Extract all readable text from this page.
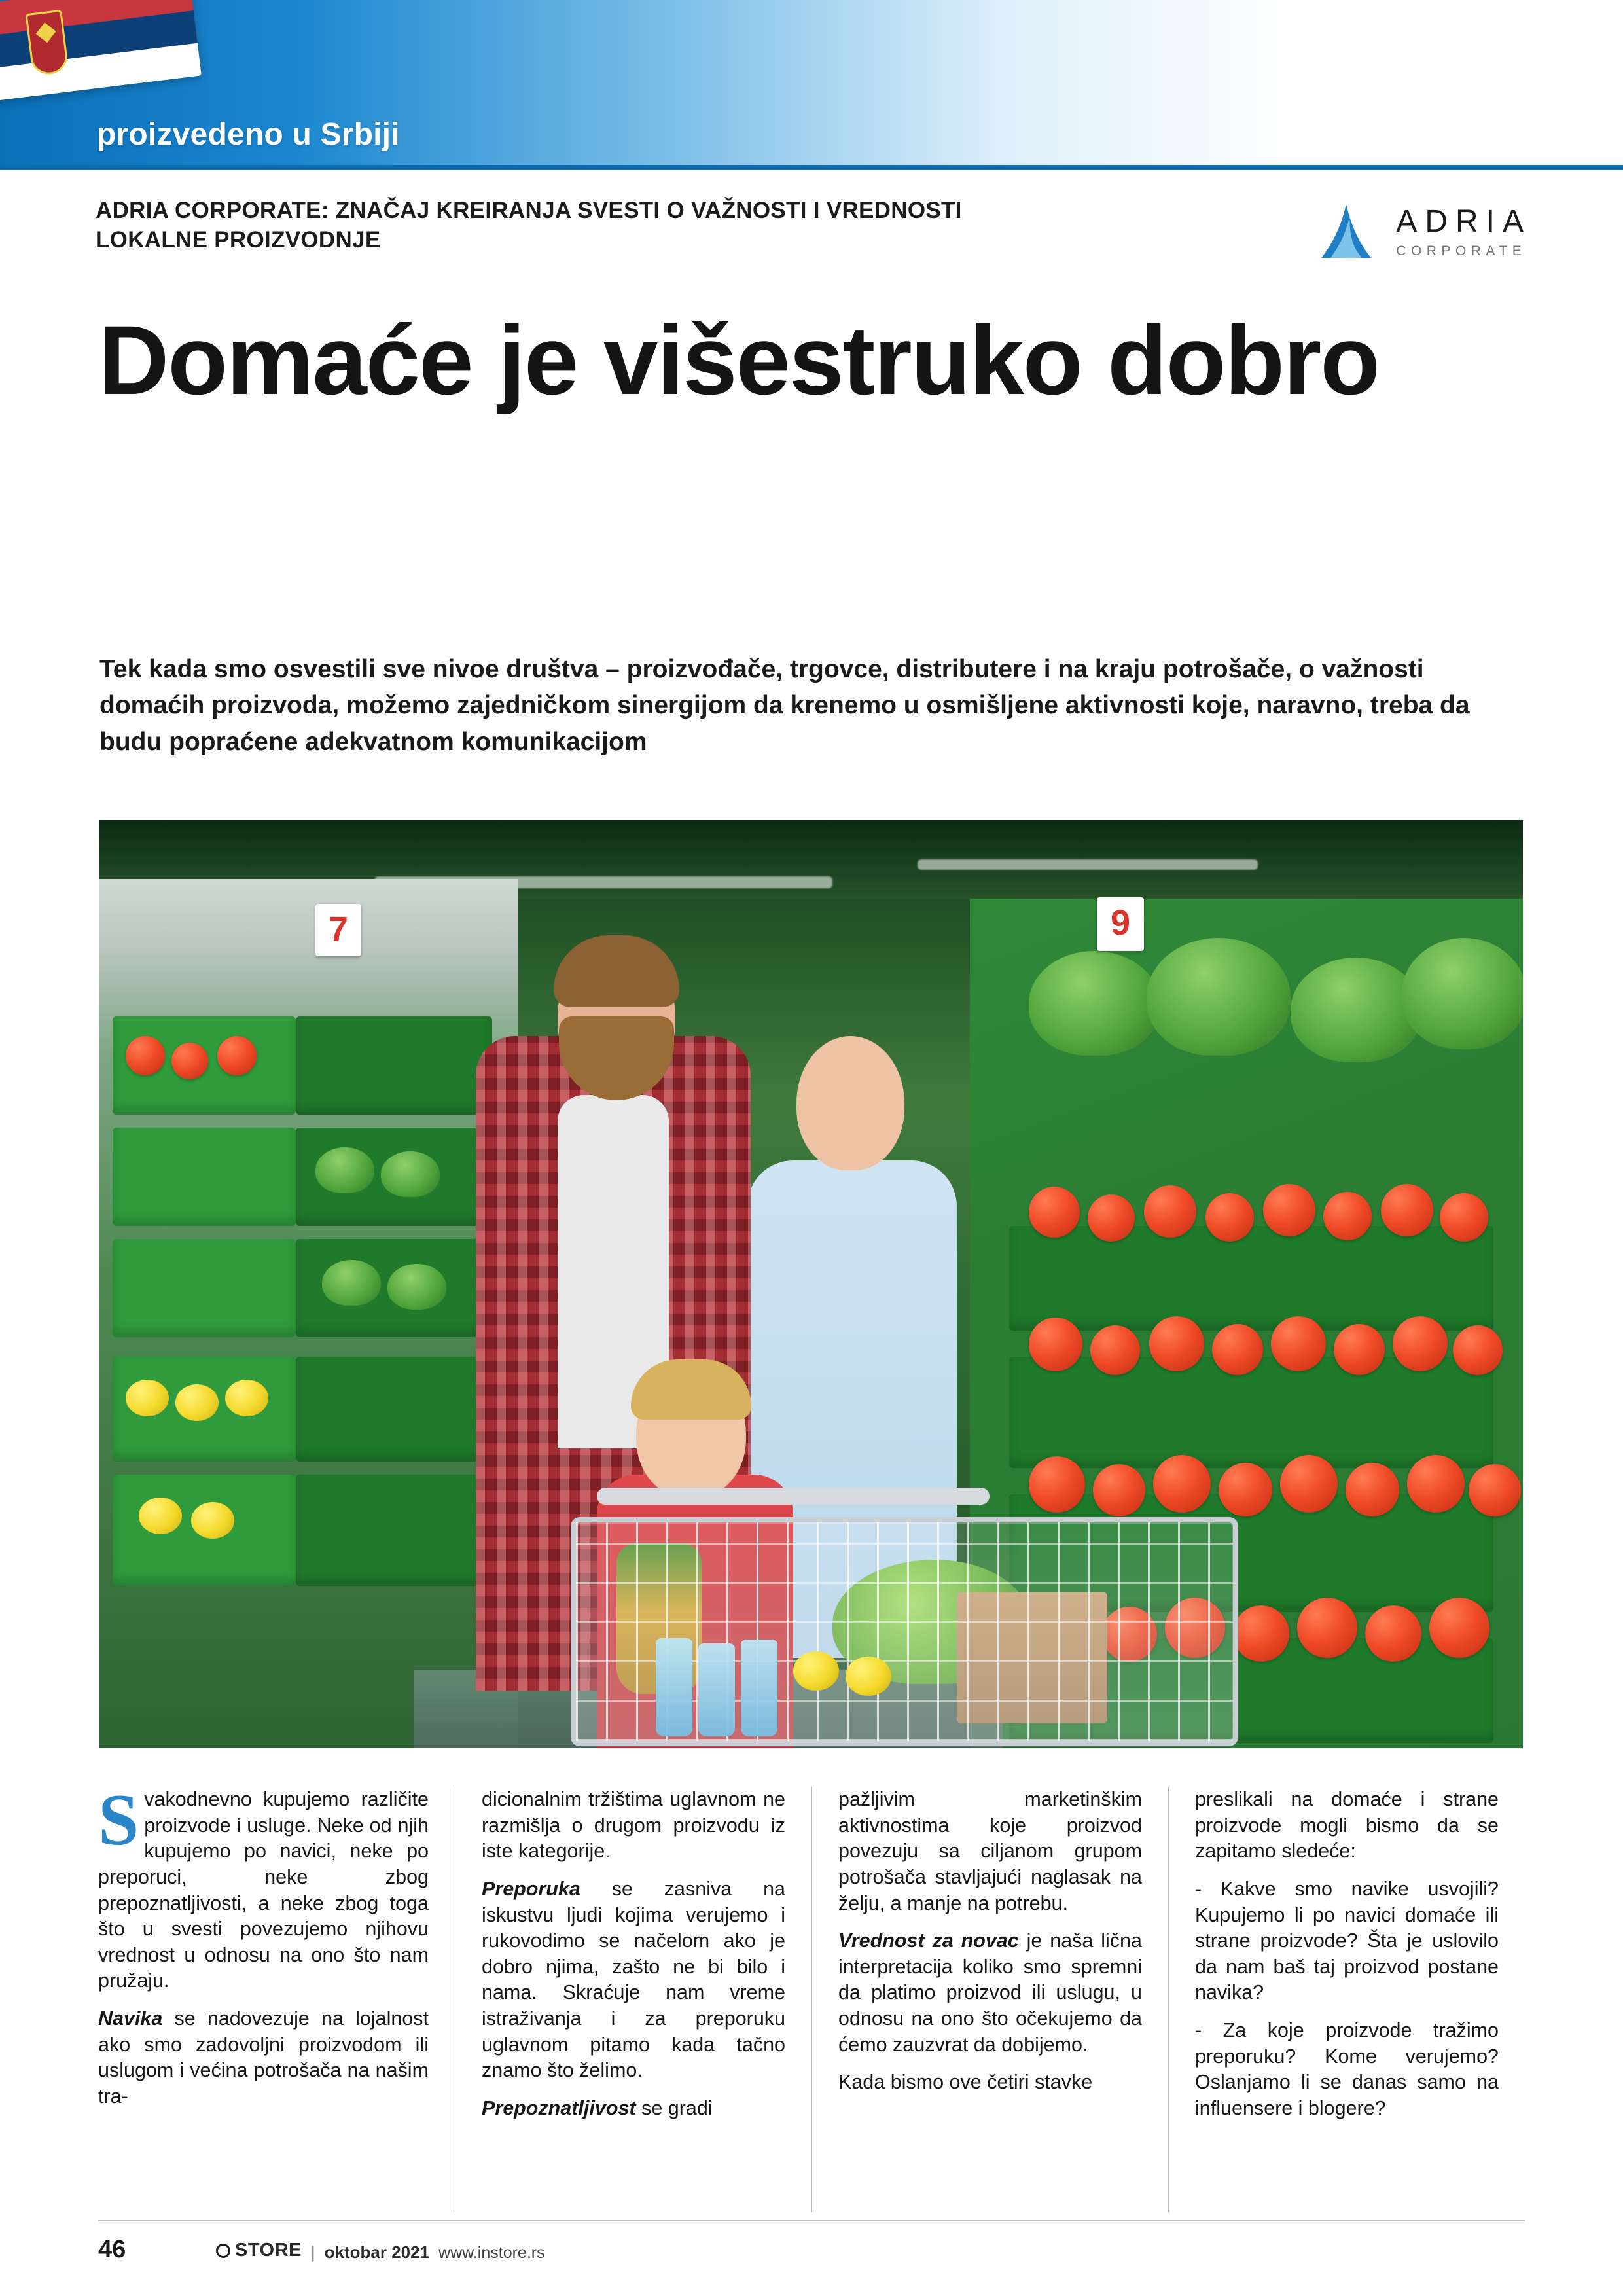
proizvedeno u Srbiji
ADRIA CORPORATE: ZNAČAJ KREIRANJA SVESTI O VAŽNOSTI I VREDNOSTI LOKALNE PROIZVODNJE
ADRIA
CORPORATE
Domaće je višestruko dobro
Tek kada smo osvestili sve nivoe društva – proizvođače, trgovce, distributere i na kraju potrošače, o važnosti domaćih proizvoda, možemo zajedničkom sinergijom da krenemo u osmišljene aktivnosti koje, naravno, treba da budu popraćene adekvatnom komunikacijom
7	9

Svakodnevno kupujemo različite proizvode i usluge. Neke od njih kupujemo po navici, neke po preporuci, neke zbog prepoznatljivosti, a neke zbog toga što u svesti povezujemo njihovu vrednost u odnosu na ono što nam pružaju.

Navika se nadovezuje na lojalnost ako smo zadovoljni proizvodom ili uslugom i većina potrošača na našim tra-

dicionalnim tržištima uglavnom ne razmišlja o drugom proizvodu iz iste kategorije.

Preporuka se zasniva na iskustvu ljudi kojima verujemo i rukovodimo se načelom ako je dobro njima, zašto ne bi bilo i nama. Skraćuje nam vreme istraživanja i za preporuku uglavnom pitamo kada tačno znamo što želimo.

Prepoznatljivost se gradi

pažljivim marketinškim aktivnostima koje proizvod povezuju sa ciljanom grupom potrošača stavljajući naglasak na želju, a manje na potrebu.

Vrednost za novac je naša lična interpretacija koliko smo spremni da platimo proizvod ili uslugu, u odnosu na ono što očekujemo da ćemo zauzvrat da dobijemo.

Kada bismo ove četiri stavke

preslikali na domaće i strane proizvode mogli bismo da se zapitamo sledeće:

- Kakve smo navike usvojili? Kupujemo li po navici domaće ili strane proizvode? Šta je uslovilo da nam baš taj proizvod postane navika?

- Za koje proizvode tražimo preporuku? Kome verujemo? Oslanjamo li se danas samo na influensere i blogere?

46	STORE | oktobar 2021 www.instore.rs
